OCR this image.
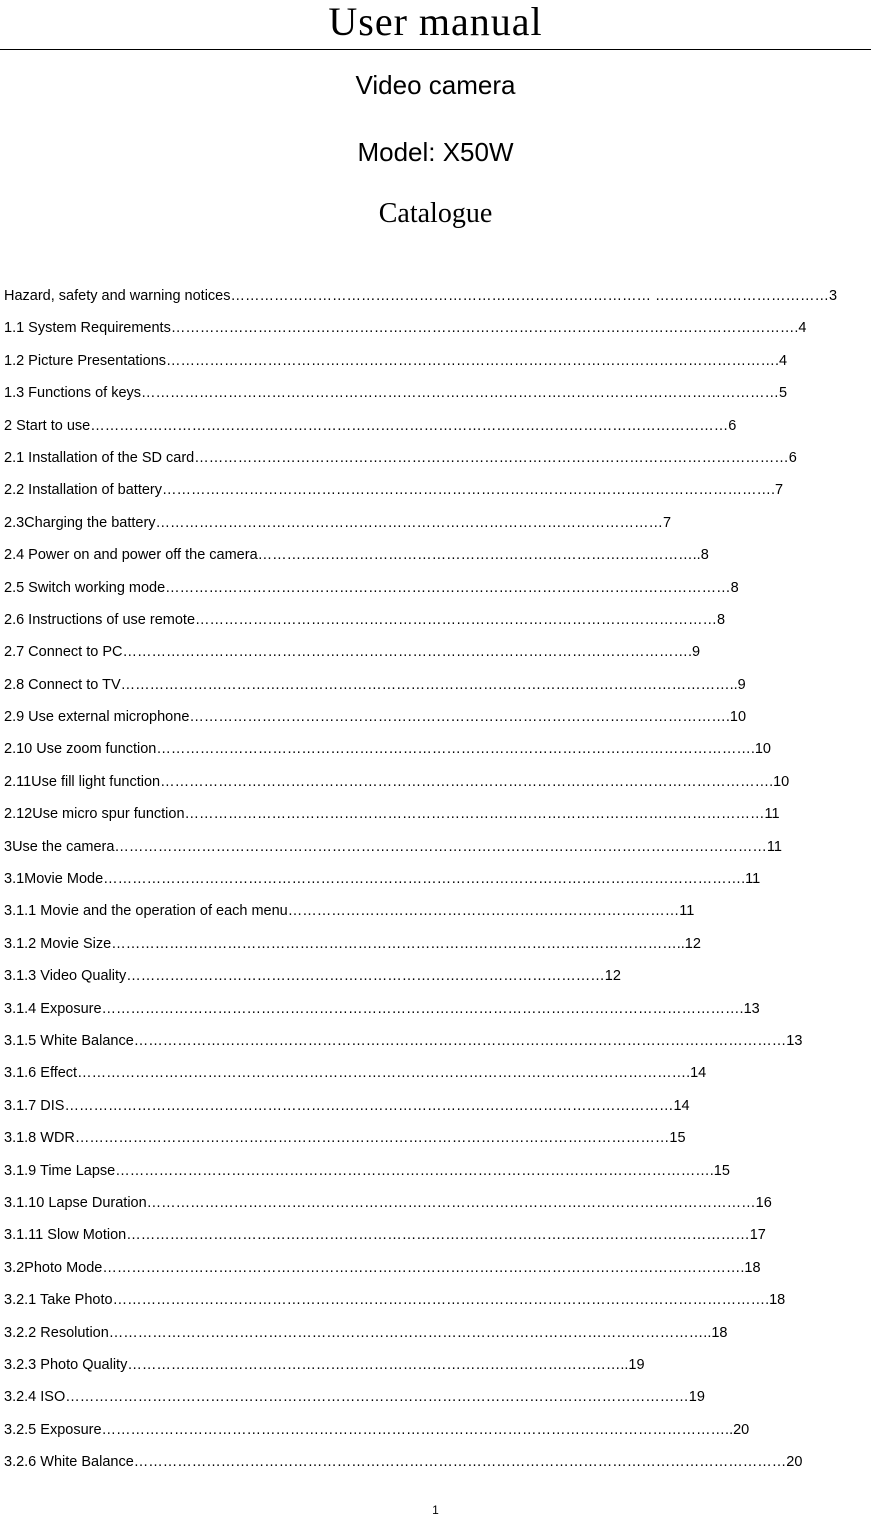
User manual
Video camera
Model: X50W
Catalogue
Hazard, safety and warning notices…………………………………………………………………………… ………………………………3
1.1 System Requirements………………………………………………………………………………………………………………….4
1.2 Picture Presentations……………………………………………………………………………………………………………….4
1.3 Functions of keys……………………………………………………………………………………………………………………5
2 Start to use……………………………………………………………………………………………………………………6
2.1 Installation of the SD card……………………………………………………………………………………………………………6
2.2 Installation of battery……………………………………………………………………………………………………………….7
2.3Charging the battery……………………………………………………………………………………………7
2.4 Power on and power off the camera………………………………………………………………………………..8
2.5 Switch working mode………………………………………………………………………………………………………8
2.6 Instructions of use remote………………………………………………………………………………………………8
2.7 Connect to PC……………………………………………………………………………………………………….9
2.8 Connect to TV………………………………………………………………………………………………………………..9
2.9 Use external microphone………………………………………………………………………………………………….10
2.10 Use zoom function…………………………………………………………………………………………………………….10
2.11Use fill light function……………………………………………………………………………………………………………….10
2.12Use micro spur function…………………………………………………………………………………………………………11
3Use the camera………………………………………………………………………………………………………………………11
3.1Movie Mode…………………………………………………………………………………………………………………….11
3.1.1 Movie and the operation of each menu………………………………………………………………………11
3.1.2 Movie Size………………………………………………………………………………………………………..12
3.1.3 Video Quality………………………………………………………………………………………12
3.1.4 Exposure…………………………………………………………………………………………………………………….13
3.1.5 White Balance………………………………………………………………………………………………………………………13
3.1.6 Effect……………………………………………………………………………………………………………….14
3.1.7 DIS………………………………………………………………………………………………………………14
3.1.8 WDR……………………………………………………………………………………………………………15
3.1.9 Time Lapse…………………………………………………………………………………………………………….15
3.1.10 Lapse Duration………………………………………………………………………………………………………………16
3.1.11 Slow Motion…………………………………………………………………………………………………………………17
3.2Photo Mode…………………………………………………………………………………………………………………….18
3.2.1 Take Photo……………………………………………………………………………………………………………………….18
3.2.2 Resolution……………………………………………………………………………………………………………..18
3.2.3 Photo Quality…………………………………………………………………………………………..19
3.2.4 ISO…………………………………………………………………………………………………………………19
3.2.5 Exposure…………………………………………………………………………………………………………………..20
3.2.6 White Balance………………………………………………………………………………………………………………………20
1
